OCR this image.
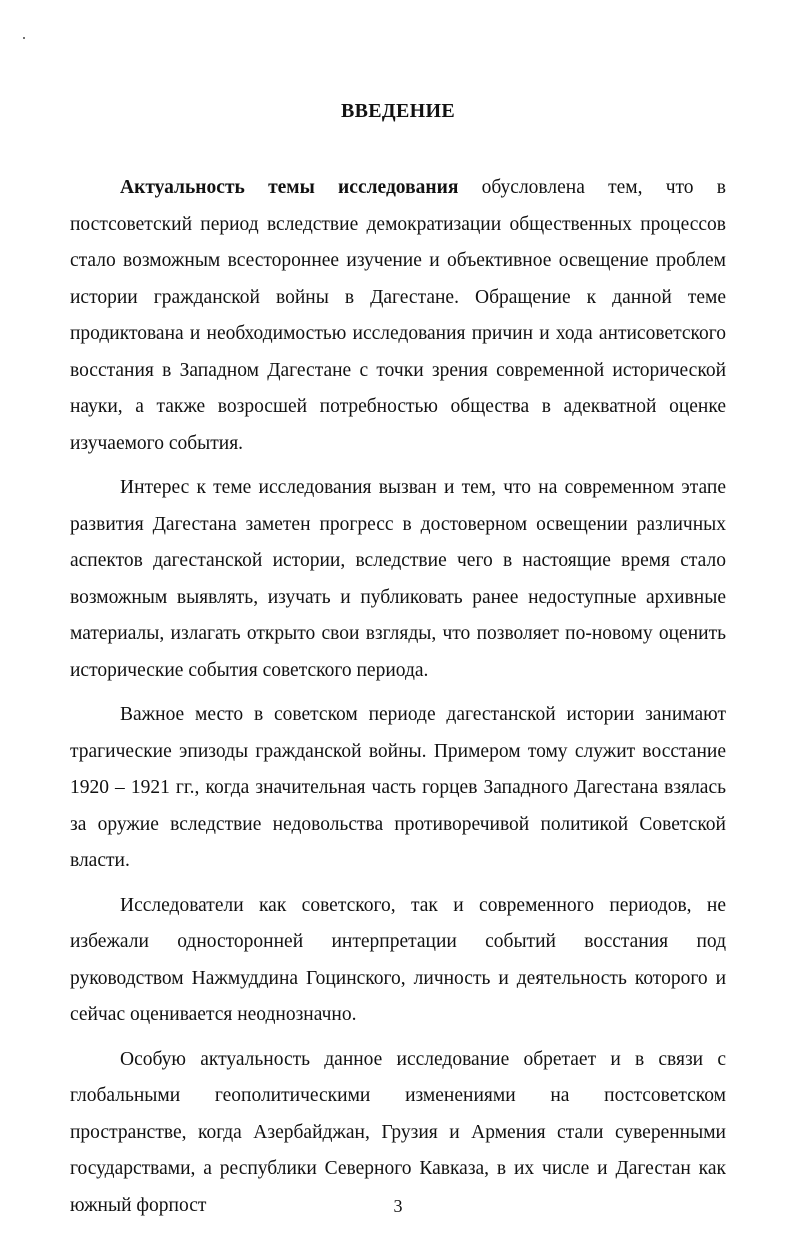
ВВЕДЕНИЕ

Актуальность темы исследования обусловлена тем, что в постсоветский период вследствие демократизации общественных процессов стало возможным всестороннее изучение и объективное освещение проблем истории гражданской войны в Дагестане. Обращение к данной теме продиктована и необходимостью исследования причин и хода антисоветского восстания в Западном Дагестане с точки зрения современной исторической науки, а также возросшей потребностью общества в адекватной оценке изучаемого события.

Интерес к теме исследования вызван и тем, что на современном этапе развития Дагестана заметен прогресс в достоверном освещении различных аспектов дагестанской истории, вследствие чего в настоящие время стало возможным выявлять, изучать и публиковать ранее недоступные архивные материалы, излагать открыто свои взгляды, что позволяет по-новому оценить исторические события советского периода.

Важное место в советском периоде дагестанской истории занимают трагические эпизоды гражданской войны. Примером тому служит восстание 1920 – 1921 гг., когда значительная часть горцев Западного Дагестана взялась за оружие вследствие недовольства противоречивой политикой Советской власти.

Исследователи как советского, так и современного периодов, не избежали односторонней интерпретации событий восстания под руководством Нажмуддина Гоцинского, личность и деятельность которого и сейчас оценивается неоднозначно.

Особую актуальность данное исследование обретает и в связи с глобальными геополитическими изменениями на постсоветском пространстве, когда Азербайджан, Грузия и Армения стали суверенными государствами, а республики Северного Кавказа, в их числе и Дагестан как южный форпост	3
